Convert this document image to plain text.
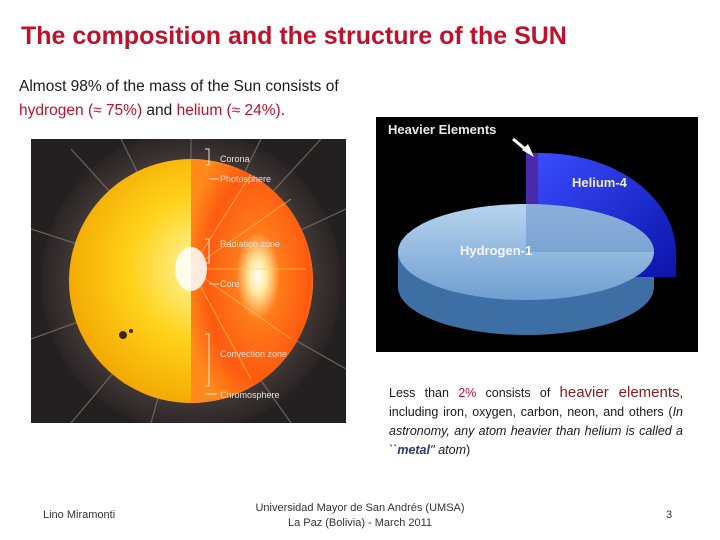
The composition and the structure of the SUN
Almost 98% of the mass of the Sun consists of hydrogen (≈ 75%) and helium (≈ 24%).
Corona
Photosphere
Radiation zone
Core
Convection zone
Chromosphere
Heavier Elements
Helium-4
Hydrogen-1
Less than 2% consists of heavier elements, including iron, oxygen, carbon, neon, and others (In astronomy, any atom heavier than helium is called a ``metal'' atom)
Lino Miramonti
Universidad Mayor de San Andrés (UMSA)
La Paz (Bolivia) - March 2011
3
